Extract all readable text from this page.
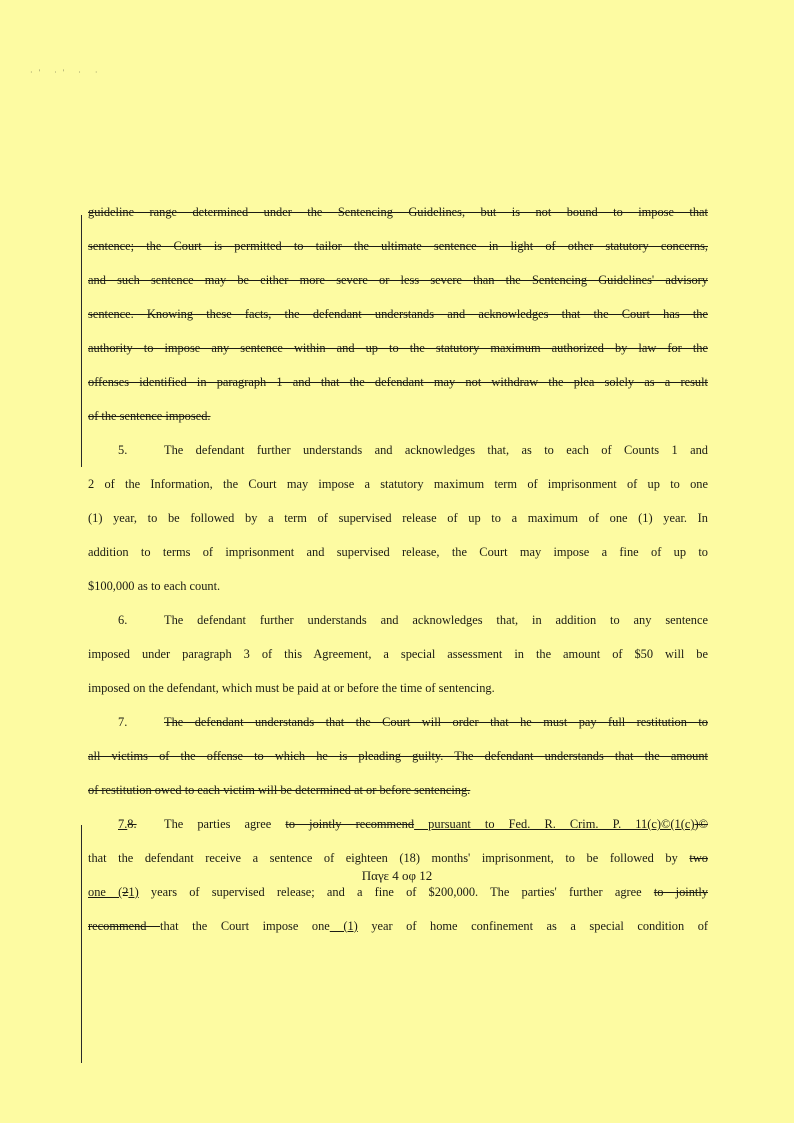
·' ·' · ·
guideline range determined under the Sentencing Guidelines, but is not bound to impose that
sentence; the Court is permitted to tailor the ultimate sentence in light of other statutory concerns,
and such sentence may be either more severe or less severe than the Sentencing Guidelines' advisory
sentence. Knowing these facts, the defendant understands and acknowledges that the Court has the
authority to impose any sentence within and up to the statutory maximum authorized by law for the
offenses identified in paragraph 1 and that the defendant may not withdraw the plea solely as a result
of the sentence imposed.
5.	The defendant further understands and acknowledges that, as to each of Counts 1 and
2 of the Information, the Court may impose a statutory maximum term of imprisonment of up to one
(1) year, to be followed by a term of supervised release of up to a maximum of one (1) year. In
addition to terms of imprisonment and supervised release, the Court may impose a fine of up to
$100,000 as to each count.
6.	The defendant further understands and acknowledges that, in addition to any sentence
imposed under paragraph 3 of this Agreement, a special assessment in the amount of $50 will be
imposed on the defendant, which must be paid at or before the time of sentencing.
7.	The defendant understands that the Court will order that he must pay full restitution to
all victims of the offense to which he is pleading guilty. The defendant understands that the amount
of restitution owed to each victim will be determined at or before sentencing.
7.8. The parties agree to jointly recommend pursuant to Fed. R. Crim. P. 11(c)©(1(c))©
that the defendant receive a sentence of eighteen (18) months' imprisonment, to be followed by two
one (21) years of supervised release; and a fine of $200,000. The parties' further agree to jointly
recommend that the Court impose one (1) year of home confinement as a special condition of
Παγε 4 οφ 12
